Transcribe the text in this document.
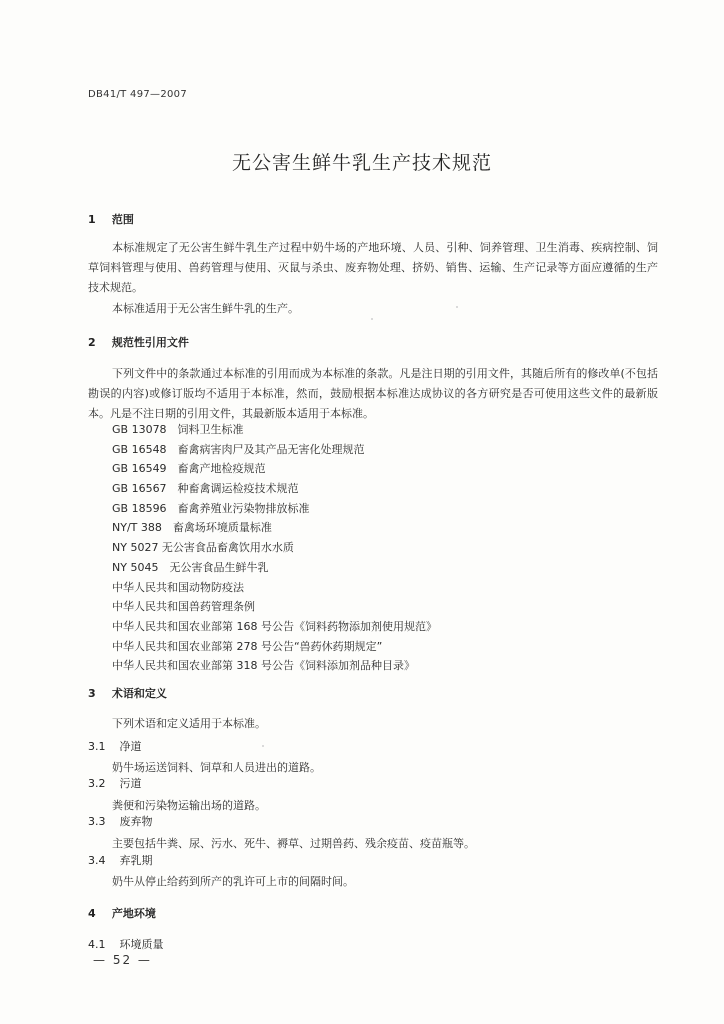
DB41/T 497—2007
无公害生鲜牛乳生产技术规范
1 范围
本标准规定了无公害生鲜牛乳生产过程中奶牛场的产地环境、人员、引种、饲养管理、卫生消毒、疾病控制、饲草饲料管理与使用、兽药管理与使用、灭鼠与杀虫、废弃物处理、挤奶、销售、运输、生产记录等方面应遵循的生产技术规范。
本标准适用于无公害生鲜牛乳的生产。
2 规范性引用文件
下列文件中的条款通过本标准的引用而成为本标准的条款。凡是注日期的引用文件，其随后所有的修改单(不包括勘误的内容)或修订版均不适用于本标准，然而，鼓励根据本标准达成协议的各方研究是否可使用这些文件的最新版本。凡是不注日期的引用文件，其最新版本适用于本标准。
GB 13078　饲料卫生标准
GB 16548　畜禽病害肉尸及其产品无害化处理规范
GB 16549　畜禽产地检疫规范
GB 16567　种畜禽调运检疫技术规范
GB 18596　畜禽养殖业污染物排放标准
NY/T 388　畜禽场环境质量标准
NY 5027 无公害食品畜禽饮用水水质
NY 5045　无公害食品生鲜牛乳
中华人民共和国动物防疫法
中华人民共和国兽药管理条例
中华人民共和国农业部第 168 号公告《饲料药物添加剂使用规范》
中华人民共和国农业部第 278 号公告“兽药休药期规定”
中华人民共和国农业部第 318 号公告《饲料添加剂品种目录》
3 术语和定义
下列术语和定义适用于本标准。
3.1 净道
奶牛场运送饲料、饲草和人员进出的道路。
3.2 污道
粪便和污染物运输出场的道路。
3.3 废弃物
主要包括牛粪、尿、污水、死牛、褥草、过期兽药、残余疫苗、疫苗瓶等。
3.4 弃乳期
奶牛从停止给药到所产的乳许可上市的间隔时间。
4 产地环境
4.1 环境质量
— 52 —
